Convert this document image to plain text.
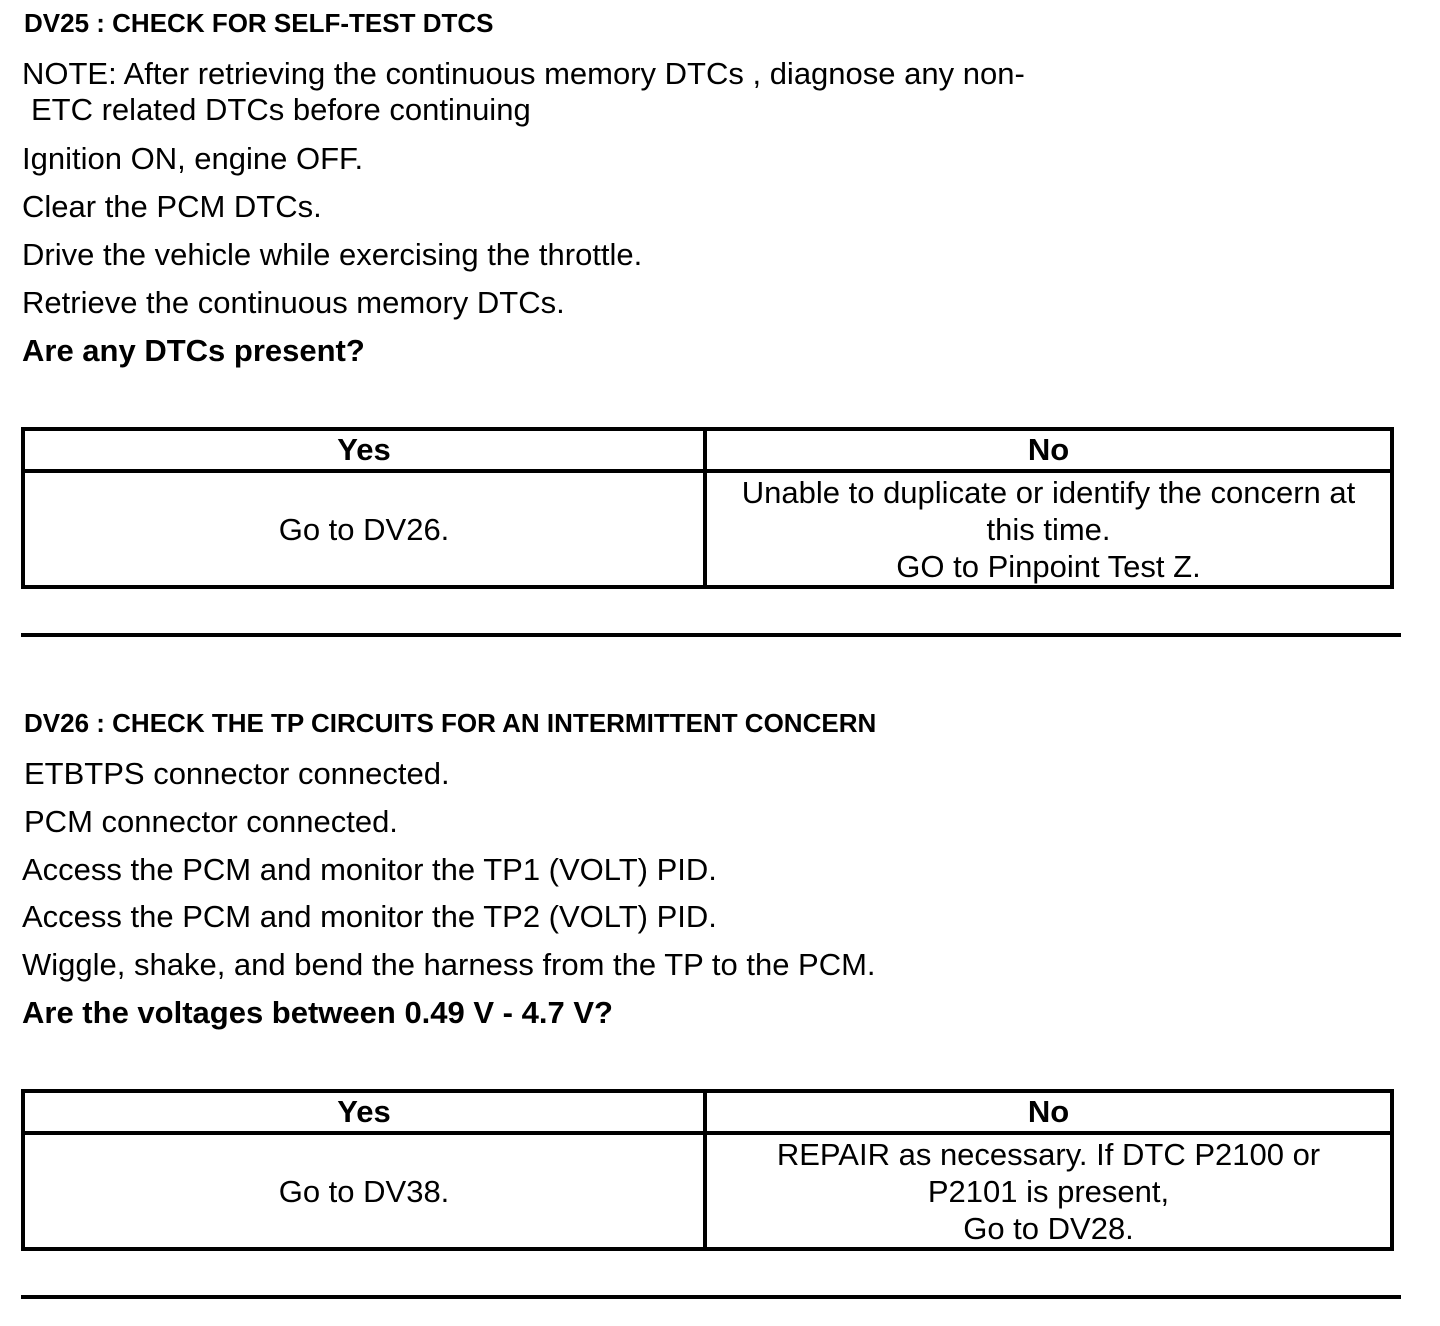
DV25 : CHECK FOR SELF-TEST DTCS
NOTE: After retrieving the continuous memory DTCs , diagnose any non-
ETC related DTCs before continuing
Ignition ON, engine OFF.
Clear the PCM DTCs.
Drive the vehicle while exercising the throttle.
Retrieve the continuous memory DTCs.
Are any DTCs present?
Yes	No

Go to DV26.	Unable to duplicate or identify the concern at
this time.
GO to Pinpoint Test Z.
DV26 : CHECK THE TP CIRCUITS FOR AN INTERMITTENT CONCERN
ETBTPS connector connected.
PCM connector connected.
Access the PCM and monitor the TP1 (VOLT) PID.
Access the PCM and monitor the TP2 (VOLT) PID.
Wiggle, shake, and bend the harness from the TP to the PCM.
Are the voltages between 0.49 V - 4.7 V?
Yes	No

Go to DV38.	REPAIR as necessary. If DTC P2100 or
P2101 is present,
Go to DV28.
